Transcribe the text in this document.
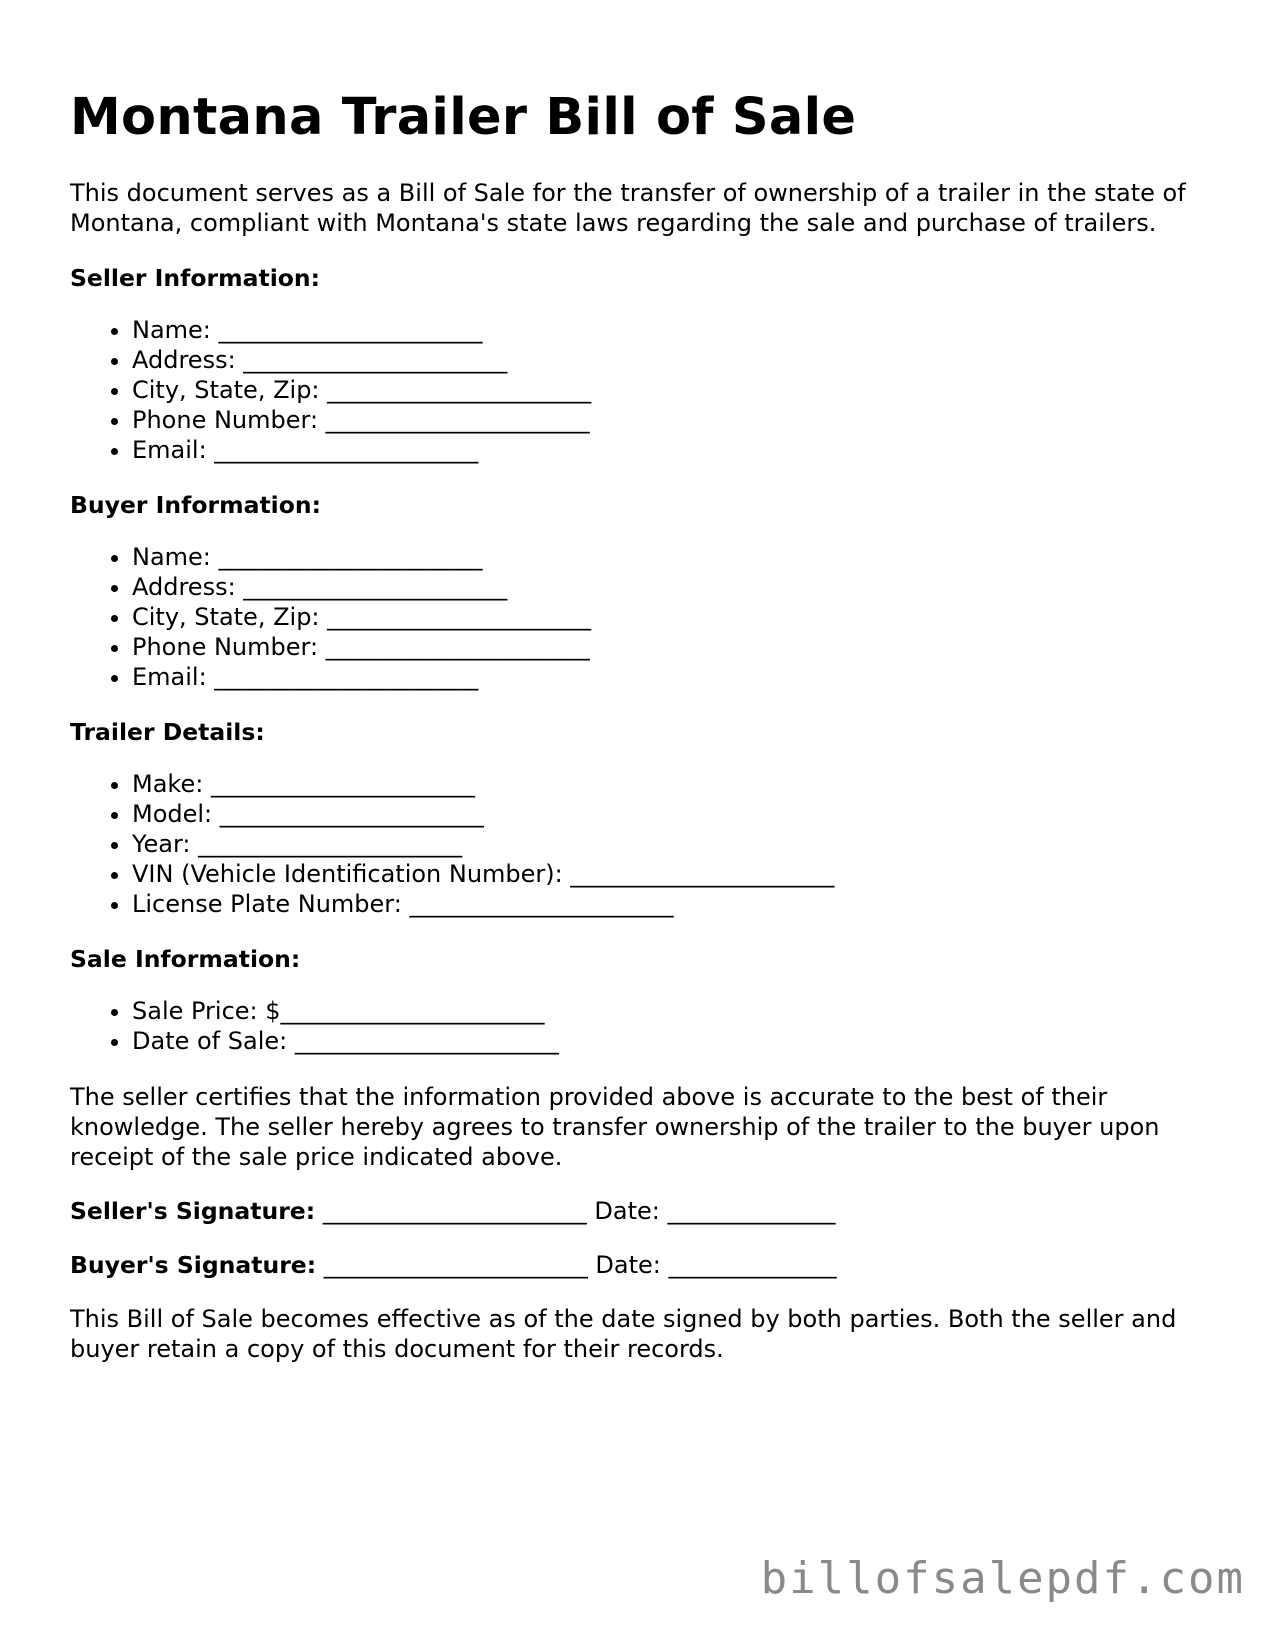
Montana Trailer Bill of Sale

This document serves as a Bill of Sale for the transfer of ownership of a trailer in the state of Montana, compliant with Montana's state laws regarding the sale and purchase of trailers.

Seller Information:
• Name: ______________________
• Address: ______________________
• City, State, Zip: ______________________
• Phone Number: ______________________
• Email: ______________________
Buyer Information:
• Name: ______________________
• Address: ______________________
• City, State, Zip: ______________________
• Phone Number: ______________________
• Email: ______________________
Trailer Details:
• Make: ______________________
• Model: ______________________
• Year: ______________________
• VIN (Vehicle Identification Number): ______________________
• License Plate Number: ______________________
Sale Information:
• Sale Price: $______________________
• Date of Sale: ______________________

The seller certifies that the information provided above is accurate to the best of their knowledge. The seller hereby agrees to transfer ownership of the trailer to the buyer upon receipt of the sale price indicated above.

Seller's Signature: ______________________ Date: ______________
Buyer's Signature: ______________________ Date: ______________

This Bill of Sale becomes effective as of the date signed by both parties. Both the seller and buyer retain a copy of this document for their records.

billofsalepdf.com
